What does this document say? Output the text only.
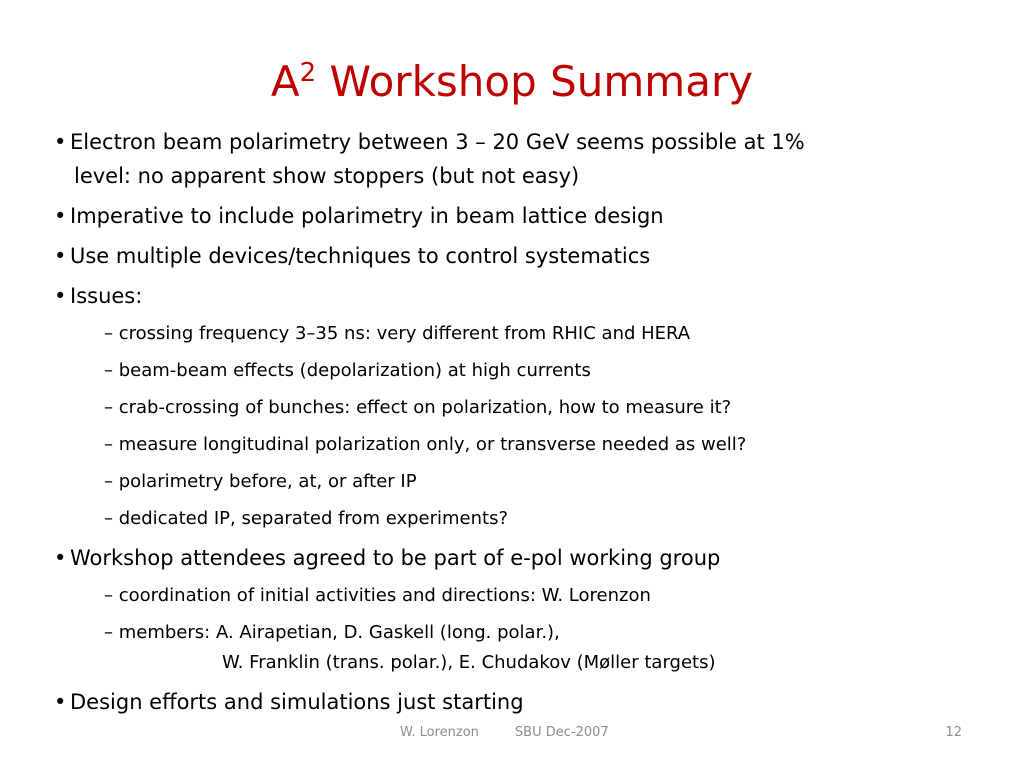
$A^2$ Workshop Summary
• Electron beam polarimetry between 3 – 20 GeV seems possible at 1%
level: no apparent show stoppers (but not easy)
• Imperative to include polarimetry in beam lattice design
• Use multiple devices/techniques to control systematics
• Issues:
– crossing frequency 3–35 ns: very different from RHIC and HERA
– beam-beam effects (depolarization) at high currents
– crab-crossing of bunches: effect on polarization, how to measure it?
– measure longitudinal polarization only, or transverse needed as well?
– polarimetry before, at, or after IP
– dedicated IP, separated from experiments?
• Workshop attendees agreed to be part of e-pol working group
– coordination of initial activities and directions: W. Lorenzon
– members: A. Airapetian, D. Gaskell (long. polar.),
W. Franklin (trans. polar.), E. Chudakov (Møller targets)
• Design efforts and simulations just starting
W. Lorenzon	SBU Dec-2007	12
